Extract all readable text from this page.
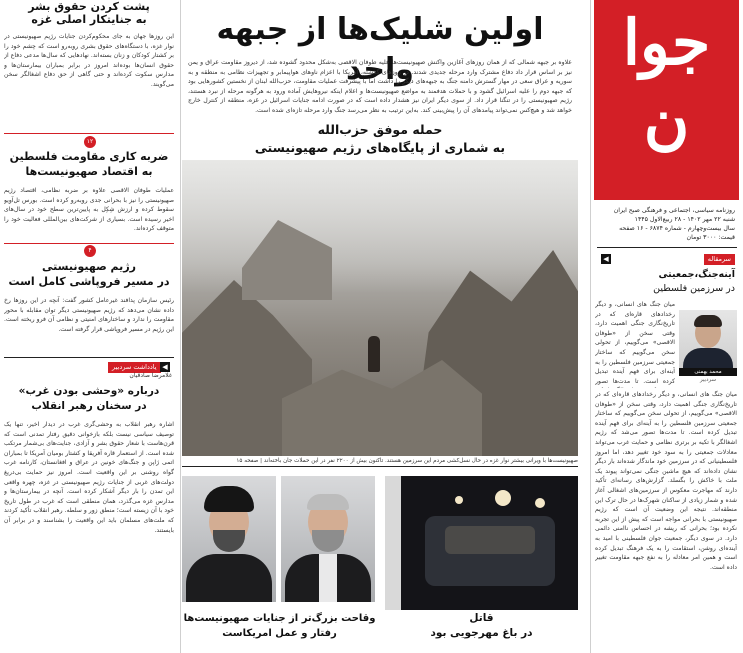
جوا
ن
روزنامه سیاسی، اجتماعی و فرهنگی صبح ایران
شنبه ۲۲ مهر ۱۴۰۲ - ۲۸ ربیع‌الاول ۱۴۴۵
سال بیست‌وچهارم - شماره ۶۸۷۴ - ۱۶ صفحه
قیمت: ۳۰۰۰ تومان
سرمقاله
◀
آینه‌جنگ،جمعیتی
در سرزمین فلسطین
محمد بهمنی
سردبیر
میان جنگ های انسانی، و دیگر رخدادهای قاره‌ای که در تاریخ‌نگاری جنگی اهمیت دارد، وقتی سخن از «طوفان الاقصی» می‌گوییم، از تحولی سخن می‌گوییم که ساختار جمعیتی سرزمین فلسطین را به آینه‌ای برای فهم آینده تبدیل کرده است. تا مدت‌ها تصور
میان جنگ های انسانی، و دیگر رخدادهای قاره‌ای که در تاریخ‌نگاری جنگی اهمیت دارد، وقتی سخن از «طوفان الاقصی» می‌گوییم، از تحولی سخن می‌گوییم که ساختار جمعیتی سرزمین فلسطین را به آینه‌ای برای فهم آینده تبدیل کرده است. تا مدت‌ها تصور می‌شد که رژیم اشغالگر با تکیه بر برتری نظامی و حمایت غرب می‌تواند معادلات جمعیتی را به سود خود تغییر دهد، اما امروز فلسطینیانی که در سرزمین خود ماندگار شده‌اند بار دیگر نشان داده‌اند که هیچ ماشین جنگی نمی‌تواند پیوند یک ملت با خاکش را بگسلد. گزارش‌های رسانه‌ای تأکید دارند که مهاجرت معکوس از سرزمین‌های اشغالی آغاز شده و شمار زیادی از ساکنان شهرک‌ها در حال ترک این منطقه‌اند. نتیجه این وضعیت آن است که رژیم صهیونیستی با بحرانی مواجه است که پیش از این تجربه نکرده بود؛ بحرانی که ریشه در احساس ناامنی دائمی دارد. در سوی دیگر، جمعیت جوان فلسطینی با امید به آینده‌ای روشن، استقامت را به یک فرهنگ تبدیل کرده است و همین امر معادله را به نفع جبهه مقاومت تغییر داده است.
اولین شلیک‌ها از جبهه واحد
علاوه بر جبهه شمالی که از همان روزهای آغازین واکنش صهیونیست‌ها علیه طوفان الاقصی به‌شکل محدود گشوده شد، از دیروز مقاومت عراق و یمن نیز بر اساس قرار داد دفاع مشترک وارد مرحله جدیدی شدند. در روزهای گذشته، آمریکا با اعزام ناوهای هواپیمابر و تجهیزات نظامی به منطقه و به سوریه و عراق سعی در مهار گسترش دامنه جنگ به جبهه‌های دیگر را داشت اما با پیشرفت عملیات مقاومت، حزب‌الله لبنان از نخستین کشورهایی بود که جبهه دوم را علیه اسرائیل گشود و با حملات هدفمند به مواضع صهیونیست‌ها و اعلام اینکه نیروهایش آماده ورود به هرگونه مرحله از نبرد هستند، رژیم صهیونیستی را در تنگنا قرار داد. از سوی دیگر ایران نیز هشدار داده است که در صورت ادامه جنایات اسرائیل در غزه، منطقه از کنترل خارج خواهد شد و هیچ‌کس نمی‌تواند پیامدهای آن را پیش‌بینی کند. به‌این ترتیب به نظر می‌رسد جنگ وارد مرحله تازه‌ای شده است.
حمله موفق حزب‌الله
به شماری از پایگاه‌های رژیم صهیونیستی
صهیونیست‌ها با ویرانی بیشتر نوار غزه در حال نسل‌کشی مردم این سرزمین هستند. تاکنون بیش از ۲۲۰۰ نفر در این حملات جان باخته‌اند | صفحه ۱۵
قاتل
در باغ مهرجویی بود
وقاحت بزرگ‌تر از جنایات صهیونیست‌ها
رفتار و عمل امریکاست
پشت کردن حقوق بشر
به جنایتکار اصلی غزه
این روزها جهان به جای محکوم‌کردن جنایات رژیم صهیونیستی در نوار غزه، با دستگاه‌های حقوق بشری روبه‌رو است که چشم خود را بر کشتار کودکان و زنان بسته‌اند. نهادهایی که سال‌ها مدعی دفاع از حقوق انسان‌ها بوده‌اند امروز در برابر بمباران بیمارستان‌ها و مدارس سکوت کرده‌اند و حتی گاهی از حق دفاع اشغالگر سخن می‌گویند.
۱۲
ضربه کاری مقاومت فلسطین
به اقتصاد صهیونیست‌ها
عملیات طوفان الاقصی علاوه بر ضربه نظامی، اقتصاد رژیم صهیونیستی را نیز با بحرانی جدی روبه‌رو کرده است. بورس تل‌آویو سقوط کرده و ارزش شِکِل به پایین‌ترین سطح خود در سال‌های اخیر رسیده است. بسیاری از شرکت‌های بین‌المللی فعالیت خود را متوقف کرده‌اند.
۴
رژیم صهیونیستی
در مسیر فروپاشی کامل است
رئیس سازمان پدافند غیرعامل کشور گفت: آنچه در این روزها رخ داده نشان می‌دهد که رژیم صهیونیستی دیگر توان مقابله با محور مقاومت را ندارد و ساختارهای امنیتی و نظامی آن فرو ریخته است. این رژیم در مسیر فروپاشی قرار گرفته است.
یادداشت سردبیر ◀
غلامرضا صادقیان
درباره «وحشی بودن غرب»
در سخنان رهبر انقلاب
اشاره رهبر انقلاب به وحشی‌گری غرب در دیدار اخیر، تنها یک توصیف سیاسی نیست بلکه بازخوانی دقیق رفتار تمدنی است که قرن‌هاست با شعار حقوق بشر و آزادی، جنایت‌های بی‌شمار مرتکب شده است. از استعمار قاره آفریقا و کشتار بومیان آمریکا تا بمباران اتمی ژاپن و جنگ‌های خونین در عراق و افغانستان، کارنامه غرب گواه روشنی بر این واقعیت است. امروز نیز حمایت بی‌دریغ دولت‌های غربی از جنایات رژیم صهیونیستی در غزه، چهره واقعی این تمدن را بار دیگر آشکار کرده است. آنچه در بیمارستان‌ها و مدارس غزه می‌گذرد، همان منطقی است که غرب در طول تاریخ خود با آن زیسته است؛ منطق زور و سلطه. رهبر انقلاب تأکید کردند که ملت‌های مسلمان باید این واقعیت را بشناسند و در برابر آن بایستند.
